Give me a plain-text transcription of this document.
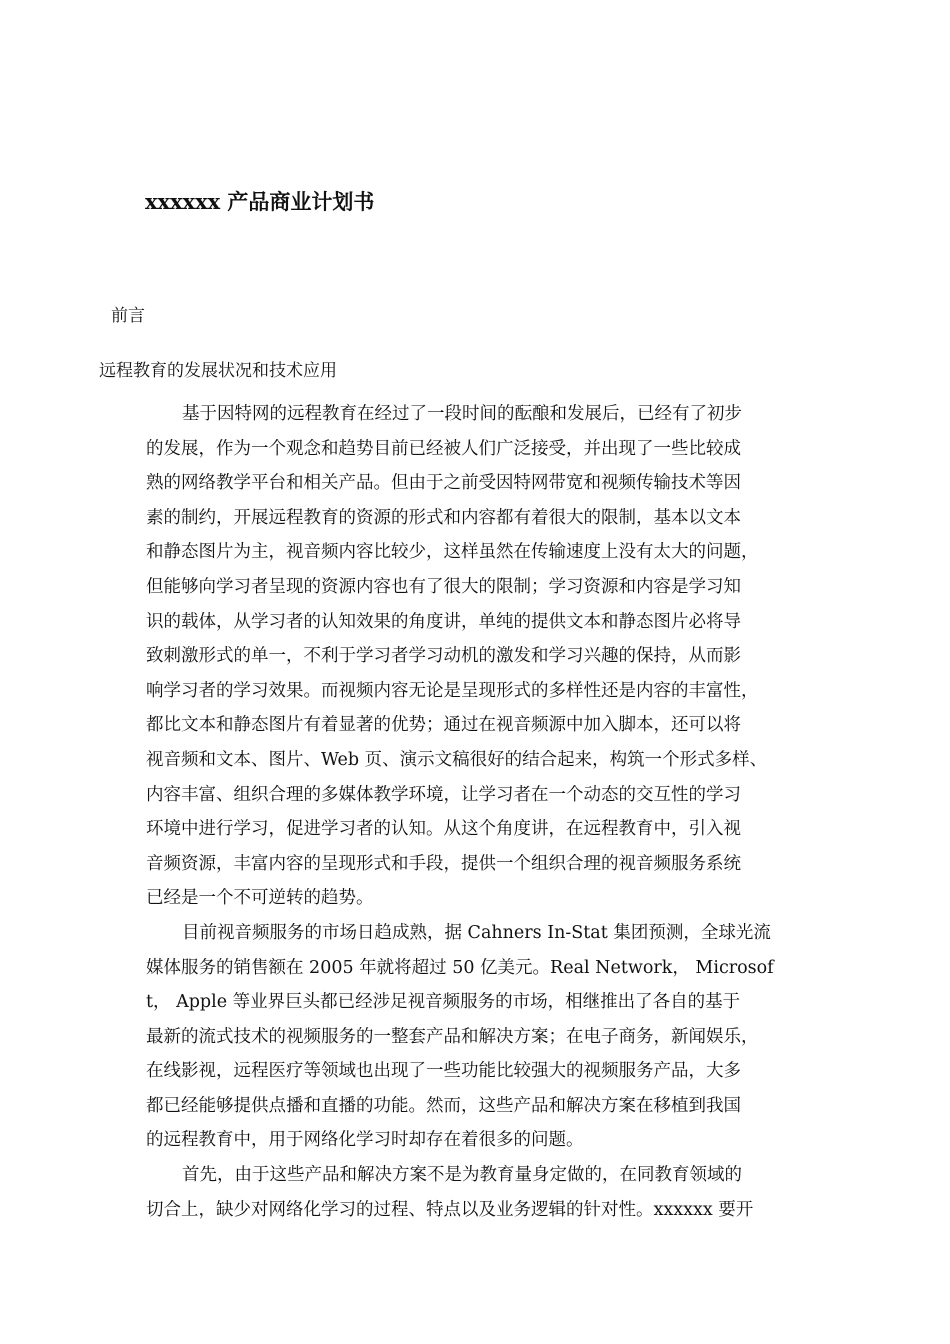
xxxxxx 产品商业计划书

前言

远程教育的发展状况和技术应用

基于因特网的远程教育在经过了一段时间的酝酿和发展后，已经有了初步
的发展，作为一个观念和趋势目前已经被人们广泛接受，并出现了一些比较成
熟的网络教学平台和相关产品。但由于之前受因特网带宽和视频传输技术等因
素的制约，开展远程教育的资源的形式和内容都有着很大的限制，基本以文本
和静态图片为主，视音频内容比较少，这样虽然在传输速度上没有太大的问题，
但能够向学习者呈现的资源内容也有了很大的限制；学习资源和内容是学习知
识的载体，从学习者的认知效果的角度讲，单纯的提供文本和静态图片必将导
致刺激形式的单一，不利于学习者学习动机的激发和学习兴趣的保持，从而影
响学习者的学习效果。而视频内容无论是呈现形式的多样性还是内容的丰富性，
都比文本和静态图片有着显著的优势；通过在视音频源中加入脚本，还可以将
视音频和文本、图片、Web 页、演示文稿很好的结合起来，构筑一个形式多样、
内容丰富、组织合理的多媒体教学环境，让学习者在一个动态的交互性的学习
环境中进行学习，促进学习者的认知。从这个角度讲，在远程教育中，引入视
音频资源，丰富内容的呈现形式和手段，提供一个组织合理的视音频服务系统
已经是一个不可逆转的趋势。
目前视音频服务的市场日趋成熟，据 Cahners In-Stat 集团预测，全球光流
媒体服务的销售额在 2005 年就将超过 50 亿美元。Real Network， Microsof
t， Apple 等业界巨头都已经涉足视音频服务的市场，相继推出了各自的基于
最新的流式技术的视频服务的一整套产品和解决方案；在电子商务，新闻娱乐，
在线影视，远程医疗等领域也出现了一些功能比较强大的视频服务产品，大多
都已经能够提供点播和直播的功能。然而，这些产品和解决方案在移植到我国
的远程教育中，用于网络化学习时却存在着很多的问题。
首先，由于这些产品和解决方案不是为教育量身定做的，在同教育领域的
切合上，缺少对网络化学习的过程、特点以及业务逻辑的针对性。xxxxxx 要开
